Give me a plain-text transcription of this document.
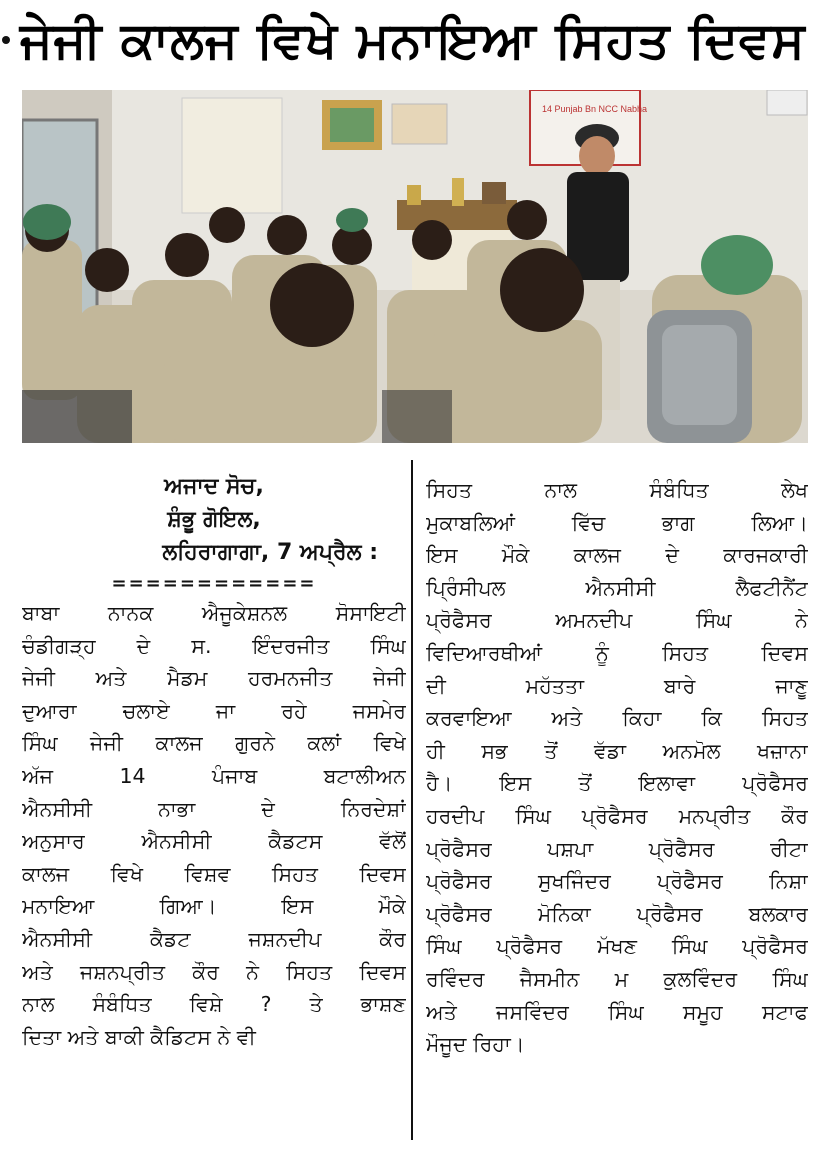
ਜੇਜੀ ਕਾਲਜ ਵਿਖੇ ਮਨਾਇਆ ਸਿਹਤ ਦਿਵਸ
14 Punjab Bn NCC Nabha
ਅਜਾਦ ਸੋਚ,
ਸ਼ੰਭੂ ਗੋਇਲ,
ਲਹਿਰਾਗਾਗਾ, 7 ਅਪ੍ਰੈਲ :
============
ਬਾਬਾ ਨਾਨਕ ਐਜੂਕੇਸ਼ਨਲ ਸੋਸਾਇਟੀ
ਚੰਡੀਗੜ੍ਹ ਦੇ ਸ. ਇੰਦਰਜੀਤ ਸਿੰਘ
ਜੇਜੀ ਅਤੇ ਮੈਡਮ ਹਰਮਨਜੀਤ ਜੇਜੀ
ਦੁਆਰਾ ਚਲਾਏ ਜਾ ਰਹੇ ਜਸਮੇਰ
ਸਿੰਘ ਜੇਜੀ ਕਾਲਜ ਗੁਰਨੇ ਕਲਾਂ ਵਿਖੇ
ਅੱਜ 14 ਪੰਜਾਬ ਬਟਾਲੀਅਨ
ਐਨਸੀਸੀ ਨਾਭਾ ਦੇ ਨਿਰਦੇਸ਼ਾਂ
ਅਨੁਸਾਰ ਐਨਸੀਸੀ ਕੈਡਟਸ ਵੱਲੋਂ
ਕਾਲਜ ਵਿਖੇ ਵਿਸ਼ਵ ਸਿਹਤ ਦਿਵਸ
ਮਨਾਇਆ ਗਿਆ। ਇਸ ਮੌਕੇ
ਐਨਸੀਸੀ ਕੈਡਟ ਜਸ਼ਨਦੀਪ ਕੌਰ
ਅਤੇ ਜਸ਼ਨਪ੍ਰੀਤ ਕੌਰ ਨੇ ਸਿਹਤ ਦਿਵਸ
ਨਾਲ ਸੰਬੰਧਿਤ ਵਿਸ਼ੇ ? ਤੇ ਭਾਸ਼ਣ
ਦਿਤਾ ਅਤੇ ਬਾਕੀ ਕੈਡਿਟਸ ਨੇ ਵੀ
ਸਿਹਤ ਨਾਲ ਸੰਬੰਧਿਤ ਲੇਖ
ਮੁਕਾਬਲਿਆਂ ਵਿੱਚ ਭਾਗ ਲਿਆ।
ਇਸ ਮੌਕੇ ਕਾਲਜ ਦੇ ਕਾਰਜਕਾਰੀ
ਪ੍ਰਿੰਸੀਪਲ ਐਨਸੀਸੀ ਲੈਫਟੀਨੈਂਟ
ਪ੍ਰੋਫੈਸਰ ਅਮਨਦੀਪ ਸਿੰਘ ਨੇ
ਵਿਦਿਆਰਥੀਆਂ ਨੂੰ ਸਿਹਤ ਦਿਵਸ
ਦੀ ਮਹੱਤਤਾ ਬਾਰੇ ਜਾਣੂ
ਕਰਵਾਇਆ ਅਤੇ ਕਿਹਾ ਕਿ ਸਿਹਤ
ਹੀ ਸਭ ਤੋਂ ਵੱਡਾ ਅਨਮੋਲ ਖਜ਼ਾਨਾ
ਹੈ। ਇਸ ਤੋਂ ਇਲਾਵਾ ਪ੍ਰੋਫੈਸਰ
ਹਰਦੀਪ ਸਿੰਘ ਪ੍ਰੋਫੈਸਰ ਮਨਪ੍ਰੀਤ ਕੌਰ
ਪ੍ਰੋਫੈਸਰ ਪਸ਼ਪਾ ਪ੍ਰੋਫੈਸਰ ਰੀਟਾ
ਪ੍ਰੋਫੈਸਰ ਸੁਖਜਿੰਦਰ ਪ੍ਰੋਫੈਸਰ ਨਿਸ਼ਾ
ਪ੍ਰੋਫੈਸਰ ਮੋਨਿਕਾ ਪ੍ਰੋਫੈਸਰ ਬਲਕਾਰ
ਸਿੰਘ ਪ੍ਰੋਫੈਸਰ ਮੱਖਣ ਸਿੰਘ ਪ੍ਰੋਫੈਸਰ
ਰਵਿੰਦਰ ਜੈਸਮੀਨ ਮ ਕੁਲਵਿੰਦਰ ਸਿੰਘ
ਅਤੇ ਜਸਵਿੰਦਰ ਸਿੰਘ ਸਮੂਹ ਸਟਾਫ
ਮੌਜੂਦ ਰਿਹਾ।
